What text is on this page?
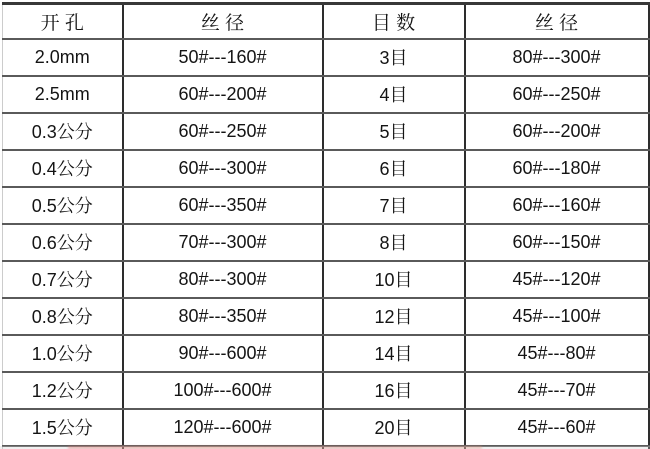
开 孔	丝 径	目 数	丝 径
2.0mm	50#---160#	3目	80#---300#
2.5mm	60#---200#	4目	60#---250#
0.3公分	60#---250#	5目	60#---200#
0.4公分	60#---300#	6目	60#---180#
0.5公分	60#---350#	7目	60#---160#
0.6公分	70#---300#	8目	60#---150#
0.7公分	80#---300#	10目	45#---120#
0.8公分	80#---350#	12目	45#---100#
1.0公分	90#---600#	14目	45#---80#
1.2公分	100#---600#	16目	45#---70#
1.5公分	120#---600#	20目	45#---60#
